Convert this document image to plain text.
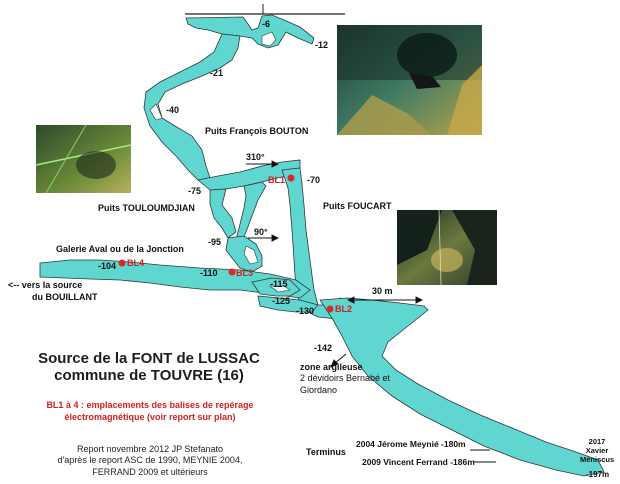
-6
-12
-21
-40
-70
-75
-95
-104
-110
-115
-125
-130
-142
-197m
BL1
BL4
BL3
BL2
Puits François BOUTON
Puits TOULOUMDJIAN	Puits FOUCART
Galerie Aval ou de la Jonction
<-- vers la source
du BOUILLANT
310°
90°
30 m
zone argileuse
2 dévidoirs Bernabé et
Giordano
Terminus
2004 Jérome Meynié -180m
2009 Vincent Ferrand -186m
2017
Xavier
Méniscus
Source de la FONT de LUSSAC
commune de TOUVRE (16)
BL1 à 4 : emplacements des balises de repérage
électromagnétique (voir report sur plan)
Report novembre 2012 JP Stefanato
d'après le report ASC de 1990, MEYNIE 2004,
FERRAND 2009 et ultérieurs
